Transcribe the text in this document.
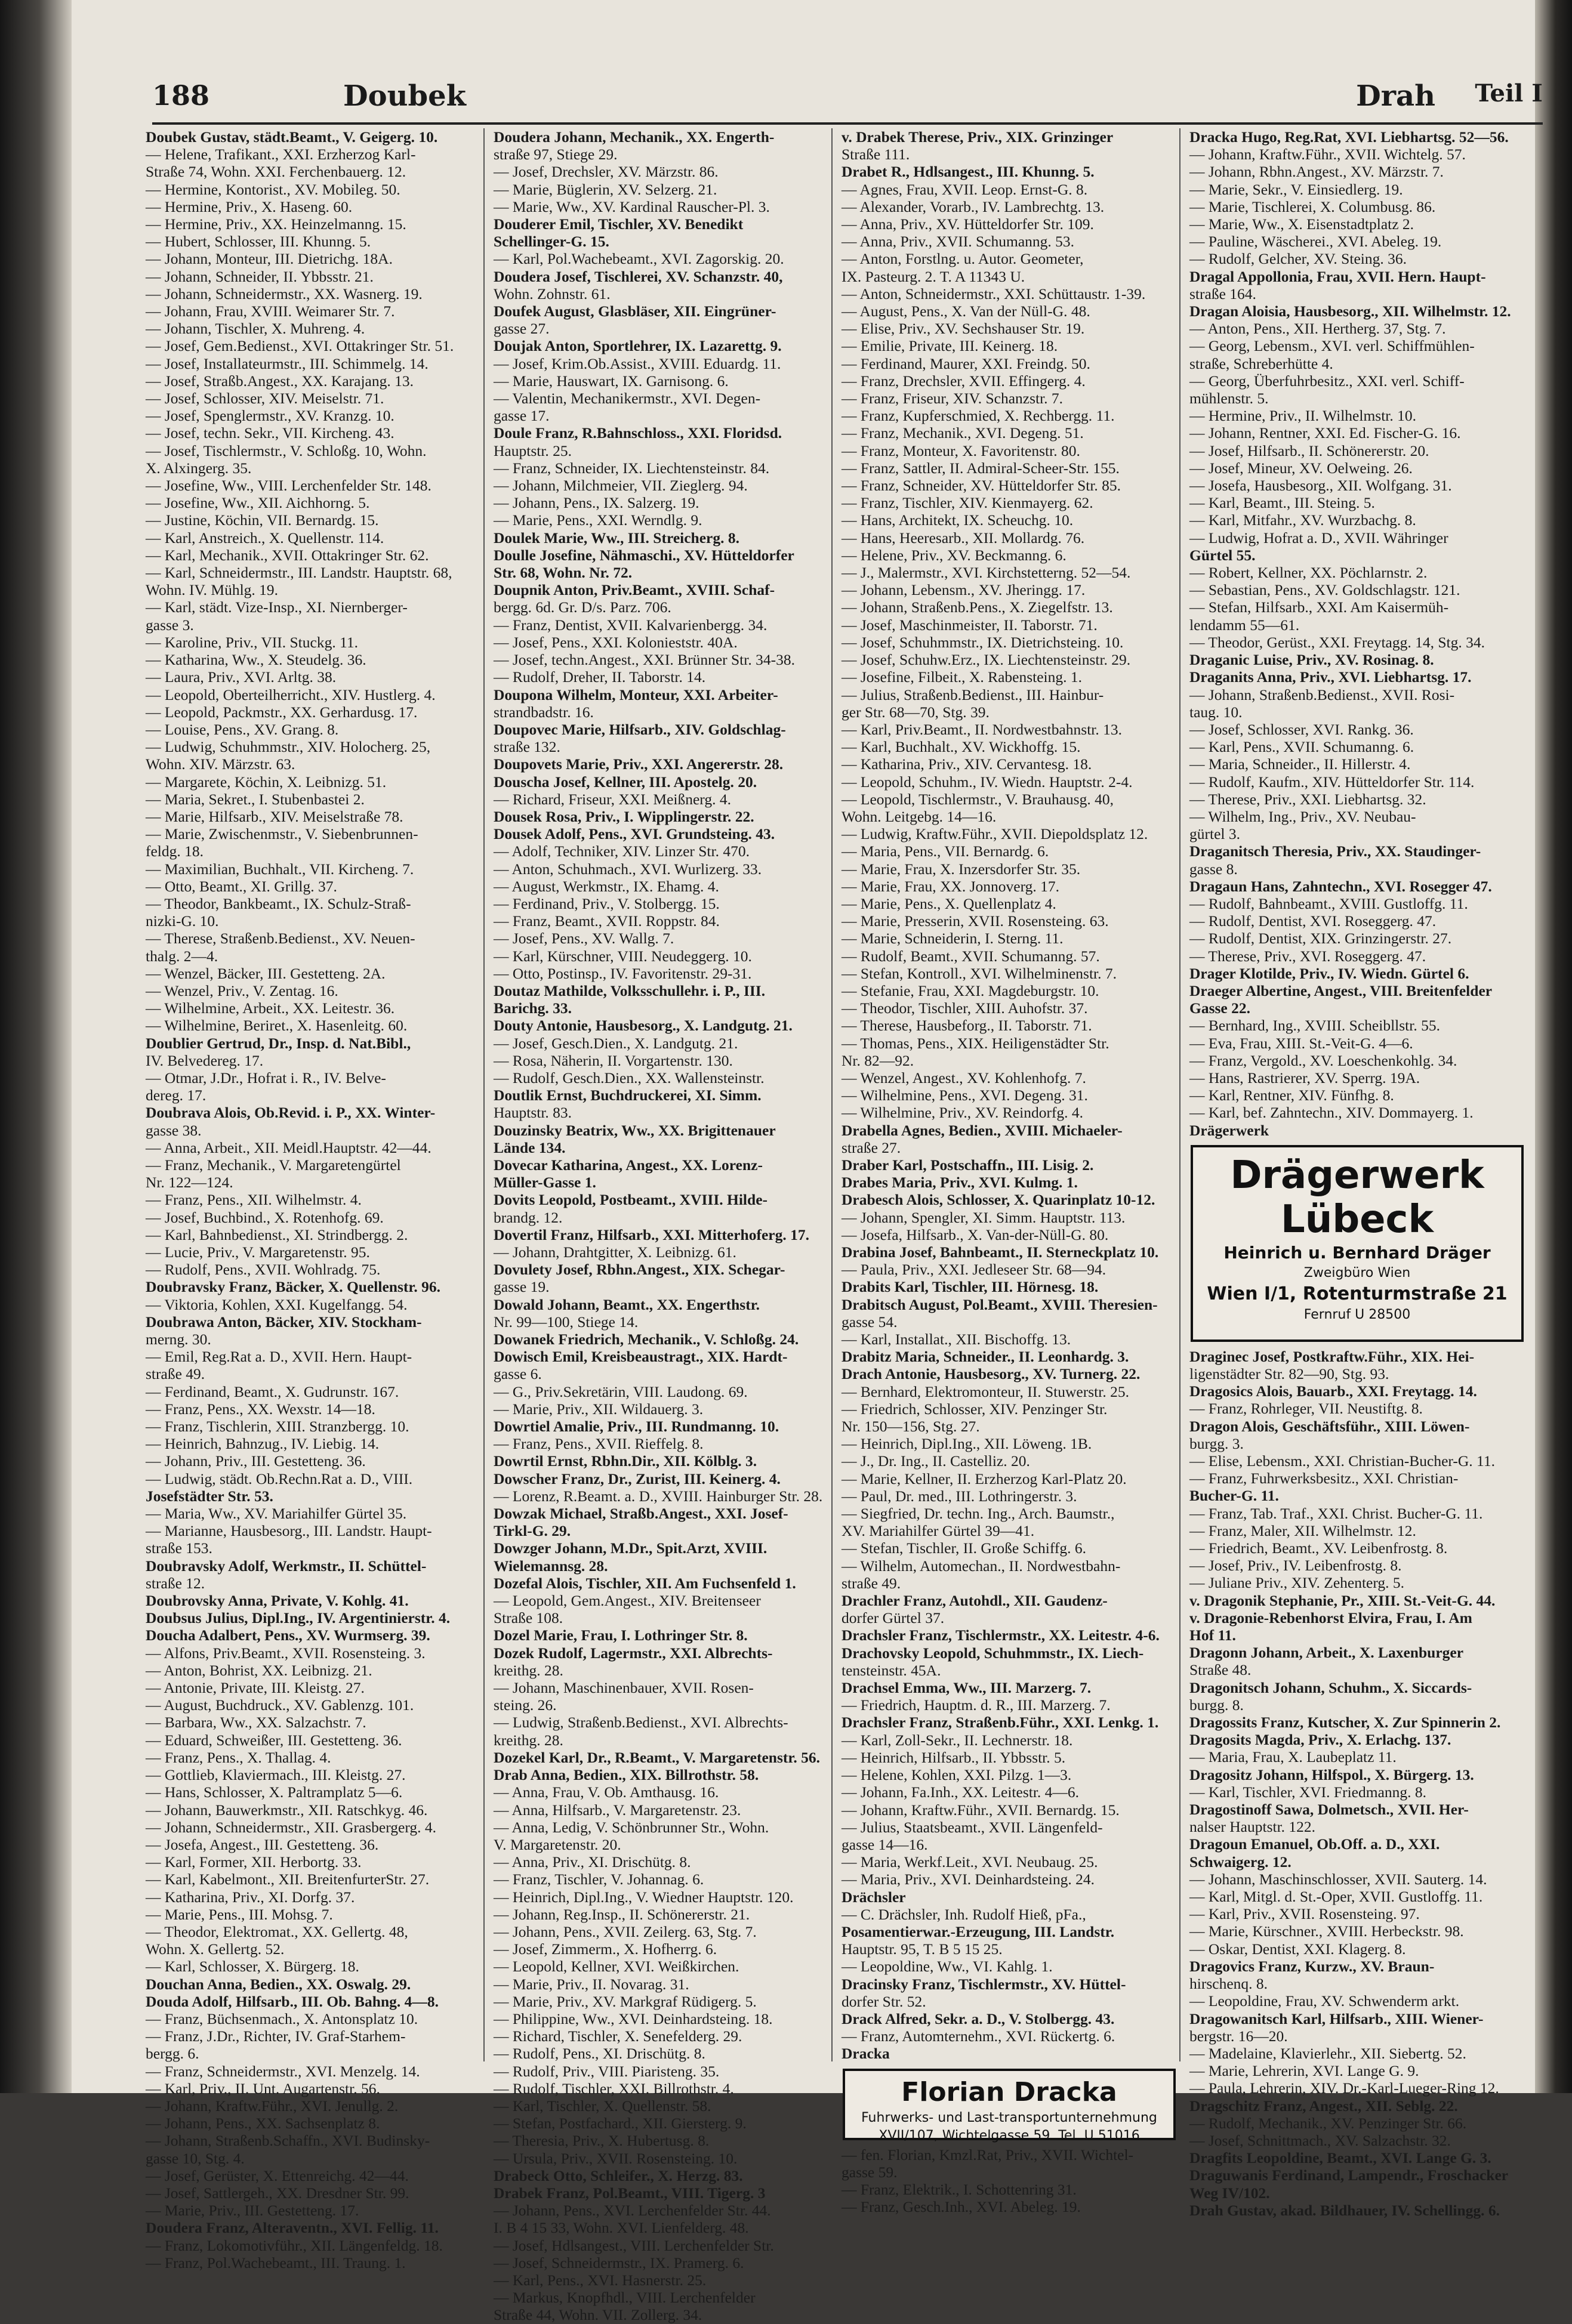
188	Doubek	Drah Teil I
Doubek Gustav, städt.Beamt., V. Geigerg. 10.
— Helene, Trafikant., XXI. Erzherzog Karl-
Straße 74, Wohn. XXI. Ferchenbauerg. 12.
— Hermine, Kontorist., XV. Mobileg. 50.
— Hermine, Priv., X. Haseng. 60.
— Hermine, Priv., XX. Heinzelmanng. 15.
— Hubert, Schlosser, III. Khunng. 5.
— Johann, Monteur, III. Dietrichg. 18A.
— Johann, Schneider, II. Ybbsstr. 21.
— Johann, Schneidermstr., XX. Wasnerg. 19.
— Johann, Frau, XVIII. Weimarer Str. 7.
— Johann, Tischler, X. Muhreng. 4.
— Josef, Gem.Bedienst., XVI. Ottakringer Str. 51.
— Josef, Installateurmstr., III. Schimmelg. 14.
— Josef, Straßb.Angest., XX. Karajang. 13.
— Josef, Schlosser, XIV. Meiselstr. 71.
— Josef, Spenglermstr., XV. Kranzg. 10.
— Josef, techn. Sekr., VII. Kircheng. 43.
— Josef, Tischlermstr., V. Schloßg. 10, Wohn.
X. Alxingerg. 35.
— Josefine, Ww., VIII. Lerchenfelder Str. 148.
— Josefine, Ww., XII. Aichhorng. 5.
— Justine, Köchin, VII. Bernardg. 15.
— Karl, Anstreich., X. Quellenstr. 114.
— Karl, Mechanik., XVII. Ottakringer Str. 62.
— Karl, Schneidermstr., III. Landstr. Hauptstr. 68,
Wohn. IV. Mühlg. 19.
— Karl, städt. Vize-Insp., XI. Niernberger-
gasse 3.
— Karoline, Priv., VII. Stuckg. 11.
— Katharina, Ww., X. Steudelg. 36.
— Laura, Priv., XVI. Arltg. 38.
— Leopold, Oberteilherricht., XIV. Hustlerg. 4.
— Leopold, Packmstr., XX. Gerhardusg. 17.
— Louise, Pens., XV. Grang. 8.
— Ludwig, Schuhmmstr., XIV. Holocherg. 25,
Wohn. XIV. Märzstr. 63.
— Margarete, Köchin, X. Leibnizg. 51.
— Maria, Sekret., I. Stubenbastei 2.
— Marie, Hilfsarb., XIV. Meiselstraße 78.
— Marie, Zwischenmstr., V. Siebenbrunnen-
feldg. 18.
— Maximilian, Buchhalt., VII. Kircheng. 7.
— Otto, Beamt., XI. Grillg. 37.
— Theodor, Bankbeamt., IX. Schulz-Straß-
nizki-G. 10.
— Therese, Straßenb.Bedienst., XV. Neuen-
thalg. 2—4.
— Wenzel, Bäcker, III. Gestetteng. 2A.
— Wenzel, Priv., V. Zentag. 16.
— Wilhelmine, Arbeit., XX. Leitestr. 36.
— Wilhelmine, Beriret., X. Hasenleitg. 60.
Doublier Gertrud, Dr., Insp. d. Nat.Bibl.,
IV. Belvedereg. 17.
— Otmar, J.Dr., Hofrat i. R., IV. Belve-
dereg. 17.
Doubrava Alois, Ob.Revid. i. P., XX. Winter-
gasse 38.
— Anna, Arbeit., XII. Meidl.Hauptstr. 42—44.
— Franz, Mechanik., V. Margaretengürtel
Nr. 122—124.
— Franz, Pens., XII. Wilhelmstr. 4.
— Josef, Buchbind., X. Rotenhofg. 69.
— Karl, Bahnbedienst., XI. Strindbergg. 2.
— Lucie, Priv., V. Margaretenstr. 95.
— Rudolf, Pens., XVII. Wohlradg. 75.
Doubravsky Franz, Bäcker, X. Quellenstr. 96.
— Viktoria, Kohlen, XXI. Kugelfangg. 54.
Doubrawa Anton, Bäcker, XIV. Stockham-
merng. 30.
— Emil, Reg.Rat a. D., XVII. Hern. Haupt-
straße 49.
— Ferdinand, Beamt., X. Gudrunstr. 167.
— Franz, Pens., XX. Wexstr. 14—18.
— Franz, Tischlerin, XIII. Stranzbergg. 10.
— Heinrich, Bahnzug., IV. Liebig. 14.
— Johann, Priv., III. Gestetteng. 36.
— Ludwig, städt. Ob.Rechn.Rat a. D., VIII.
Josefstädter Str. 53.
— Maria, Ww., XV. Mariahilfer Gürtel 35.
— Marianne, Hausbesorg., III. Landstr. Haupt-
straße 153.
Doubravsky Adolf, Werkmstr., II. Schüttel-
straße 12.
Doubrovsky Anna, Private, V. Kohlg. 41.
Doubsus Julius, Dipl.Ing., IV. Argentinierstr. 4.
Doucha Adalbert, Pens., XV. Wurmserg. 39.
— Alfons, Priv.Beamt., XVII. Rosensteing. 3.
— Anton, Bohrist, XX. Leibnizg. 21.
— Antonie, Private, III. Kleistg. 27.
— August, Buchdruck., XV. Gablenzg. 101.
— Barbara, Ww., XX. Salzachstr. 7.
— Eduard, Schweißer, III. Gestetteng. 36.
— Franz, Pens., X. Thallag. 4.
— Gottlieb, Klaviermach., III. Kleistg. 27.
— Hans, Schlosser, X. Paltramplatz 5—6.
— Johann, Bauwerkmstr., XII. Ratschkyg. 46.
— Johann, Schneidermstr., XII. Grasbergerg. 4.
— Josefa, Angest., III. Gestetteng. 36.
— Karl, Former, XII. Herbortg. 33.
— Karl, Kabelmont., XII. BreitenfurterStr. 27.
— Katharina, Priv., XI. Dorfg. 37.
— Marie, Pens., III. Mohsg. 7.
— Theodor, Elektromat., XX. Gellertg. 48,
Wohn. X. Gellertg. 52.
— Karl, Schlosser, X. Bürgerg. 18.
Douchan Anna, Bedien., XX. Oswalg. 29.
Douda Adolf, Hilfsarb., III. Ob. Bahng. 4—8.
— Franz, Büchsenmach., X. Antonsplatz 10.
— Franz, J.Dr., Richter, IV. Graf-Starhem-
bergg. 6.
— Franz, Schneidermstr., XVI. Menzelg. 14.
— Karl, Priv., II. Unt. Augartenstr. 56.
— Johann, Kraftw.Führ., XVI. Jenullg. 2.
— Johann, Pens., XX. Sachsenplatz 8.
— Johann, Straßenb.Schaffn., XVI. Budinsky-
gasse 10, Stg. 4.
— Josef, Gerüster, X. Ettenreichg. 42—44.
— Josef, Sattlergeh., XX. Dresdner Str. 99.
— Marie, Priv., III. Gestetteng. 17.
Doudera Franz, Alteraventn., XVI. Fellig. 11.
— Franz, Lokomotivführ., XII. Längenfeldg. 18.
— Franz, Pol.Wachebeamt., III. Traung. 1.
Doudera Johann, Mechanik., XX. Engerth-
straße 97, Stiege 29.
— Josef, Drechsler, XV. Märzstr. 86.
— Marie, Büglerin, XV. Selzerg. 21.
— Marie, Ww., XV. Kardinal Rauscher-Pl. 3.
Douderer Emil, Tischler, XV. Benedikt
Schellinger-G. 15.
— Karl, Pol.Wachebeamt., XVI. Zagorskig. 20.
Doudera Josef, Tischlerei, XV. Schanzstr. 40,
Wohn. Zohnstr. 61.
Doufek August, Glasbläser, XII. Eingrüner-
gasse 27.
Doujak Anton, Sportlehrer, IX. Lazarettg. 9.
— Josef, Krim.Ob.Assist., XVIII. Eduardg. 11.
— Marie, Hauswart, IX. Garnisong. 6.
— Valentin, Mechanikermstr., XVI. Degen-
gasse 17.
Doule Franz, R.Bahnschloss., XXI. Floridsd.
Hauptstr. 25.
— Franz, Schneider, IX. Liechtensteinstr. 84.
— Johann, Milchmeier, VII. Zieglerg. 94.
— Johann, Pens., IX. Salzerg. 19.
— Marie, Pens., XXI. Werndlg. 9.
Doulek Marie, Ww., III. Streicherg. 8.
Doulle Josefine, Nähmaschi., XV. Hütteldorfer
Str. 68, Wohn. Nr. 72.
Doupnik Anton, Priv.Beamt., XVIII. Schaf-
bergg. 6d. Gr. D/s. Parz. 706.
— Franz, Dentist, XVII. Kalvarienbergg. 34.
— Josef, Pens., XXI. Kolonieststr. 40A.
— Josef, techn.Angest., XXI. Brünner Str. 34-38.
— Rudolf, Dreher, II. Taborstr. 14.
Doupona Wilhelm, Monteur, XXI. Arbeiter-
strandbadstr. 16.
Doupovec Marie, Hilfsarb., XIV. Goldschlag-
straße 132.
Doupovets Marie, Priv., XXI. Angererstr. 28.
Douscha Josef, Kellner, III. Apostelg. 20.
— Richard, Friseur, XXI. Meißnerg. 4.
Dousek Rosa, Priv., I. Wipplingerstr. 22.
Dousek Adolf, Pens., XVI. Grundsteing. 43.
— Adolf, Techniker, XIV. Linzer Str. 470.
— Anton, Schuhmach., XVI. Wurlizerg. 33.
— August, Werkmstr., IX. Ehamg. 4.
— Ferdinand, Priv., V. Stolbergg. 15.
— Franz, Beamt., XVII. Roppstr. 84.
— Josef, Pens., XV. Wallg. 7.
— Karl, Kürschner, VIII. Neudeggerg. 10.
— Otto, Postinsp., IV. Favoritenstr. 29-31.
Doutaz Mathilde, Volksschullehr. i. P., III.
Barichg. 33.
Douty Antonie, Hausbesorg., X. Landgutg. 21.
— Josef, Gesch.Dien., X. Landgutg. 21.
— Rosa, Näherin, II. Vorgartenstr. 130.
— Rudolf, Gesch.Dien., XX. Wallensteinstr.
Doutlik Ernst, Buchdruckerei, XI. Simm.
Hauptstr. 83.
Douzinsky Beatrix, Ww., XX. Brigittenauer
Lände 134.
Dovecar Katharina, Angest., XX. Lorenz-
Müller-Gasse 1.
Dovits Leopold, Postbeamt., XVIII. Hilde-
brandg. 12.
Dovertil Franz, Hilfsarb., XXI. Mitterhoferg. 17.
— Johann, Drahtgitter, X. Leibnizg. 61.
Dovulety Josef, Rbhn.Angest., XIX. Schegar-
gasse 19.
Dowald Johann, Beamt., XX. Engerthstr.
Nr. 99—100, Stiege 14.
Dowanek Friedrich, Mechanik., V. Schloßg. 24.
Dowisch Emil, Kreisbeaustragt., XIX. Hardt-
gasse 6.
— G., Priv.Sekretärin, VIII. Laudong. 69.
— Marie, Priv., XII. Wildauerg. 3.
Dowrtiel Amalie, Priv., III. Rundmanng. 10.
— Franz, Pens., XVII. Rieffelg. 8.
Dowrtil Ernst, Rbhn.Dir., XII. Kölblg. 3.
Dowscher Franz, Dr., Zurist, III. Keinerg. 4.
— Lorenz, R.Beamt. a. D., XVIII. Hainburger Str. 28.
Dowzak Michael, Straßb.Angest., XXI. Josef-
Tirkl-G. 29.
Dowzger Johann, M.Dr., Spit.Arzt, XVIII.
Wielemannsg. 28.
Dozefal Alois, Tischler, XII. Am Fuchsenfeld 1.
— Leopold, Gem.Angest., XIV. Breitenseer
Straße 108.
Dozel Marie, Frau, I. Lothringer Str. 8.
Dozek Rudolf, Lagermstr., XXI. Albrechts-
kreithg. 28.
— Johann, Maschinenbauer, XVII. Rosen-
steing. 26.
— Ludwig, Straßenb.Bedienst., XVI. Albrechts-
kreithg. 28.
Dozekel Karl, Dr., R.Beamt., V. Margaretenstr. 56.
Drab Anna, Bedien., XIX. Billrothstr. 58.
— Anna, Frau, V. Ob. Amthausg. 16.
— Anna, Hilfsarb., V. Margaretenstr. 23.
— Anna, Ledig, V. Schönbrunner Str., Wohn.
V. Margaretenstr. 20.
— Anna, Priv., XI. Drischütg. 8.
— Franz, Tischler, V. Johannag. 6.
— Heinrich, Dipl.Ing., V. Wiedner Hauptstr. 120.
— Johann, Reg.Insp., II. Schönererstr. 21.
— Johann, Pens., XVII. Zeilerg. 63, Stg. 7.
— Josef, Zimmerm., X. Hofherrg. 6.
— Leopold, Kellner, XVI. Weißkirchen.
— Marie, Priv., II. Novarag. 31.
— Marie, Priv., XV. Markgraf Rüdigerg. 5.
— Philippine, Ww., XVI. Deinhardsteing. 18.
— Richard, Tischler, X. Senefelderg. 29.
— Rudolf, Pens., XI. Drischütg. 8.
— Rudolf, Priv., VIII. Piaristeng. 35.
— Rudolf, Tischler, XXI. Billrothstr. 4.
— Karl, Tischler, X. Quellenstr. 58.
— Stefan, Postfachard., XII. Giersterg. 9.
— Theresia, Priv., X. Hubertusg. 8.
— Ursula, Priv., XVII. Rosensteing. 10.
Drabeck Otto, Schleifer., X. Herzg. 83.
Drabek Franz, Pol.Beamt., VIII. Tigerg. 3
— Johann, Pens., XVI. Lerchenfelder Str. 44.
I. B 4 15 33, Wohn. XVI. Lienfelderg. 48.
— Josef, Hdlsangest., VIII. Lerchenfelder Str.
— Josef, Schneidermstr., IX. Pramerg. 6.
— Karl, Pens., XVI. Hasnerstr. 25.
— Markus, Knopfhdl., VIII. Lerchenfelder
Straße 44, Wohn. VII. Zollerg. 34.
v. Drabek Therese, Priv., XIX. Grinzinger
Straße 111.
Drabet R., Hdlsangest., III. Khunng. 5.
— Agnes, Frau, XVII. Leop. Ernst-G. 8.
— Alexander, Vorarb., IV. Lambrechtg. 13.
— Anna, Priv., XV. Hütteldorfer Str. 109.
— Anna, Priv., XVII. Schumanng. 53.
— Anton, Forstlng. u. Autor. Geometer,
IX. Pasteurg. 2. T. A 11343 U.
— Anton, Schneidermstr., XXI. Schüttaustr. 1-39.
— August, Pens., X. Van der Nüll-G. 48.
— Elise, Priv., XV. Sechshauser Str. 19.
— Emilie, Private, III. Keinerg. 18.
— Ferdinand, Maurer, XXI. Freindg. 50.
— Franz, Drechsler, XVII. Effingerg. 4.
— Franz, Friseur, XIV. Schanzstr. 7.
— Franz, Kupferschmied, X. Rechbergg. 11.
— Franz, Mechanik., XVI. Degeng. 51.
— Franz, Monteur, X. Favoritenstr. 80.
— Franz, Sattler, II. Admiral-Scheer-Str. 155.
— Franz, Schneider, XV. Hütteldorfer Str. 85.
— Franz, Tischler, XIV. Kienmayerg. 62.
— Hans, Architekt, IX. Scheuchg. 10.
— Hans, Heeresarb., XII. Mollardg. 76.
— Helene, Priv., XV. Beckmanng. 6.
— J., Malermstr., XVI. Kirchstetterng. 52—54.
— Johann, Lebensm., XV. Jheringg. 17.
— Johann, Straßenb.Pens., X. Ziegelfstr. 13.
— Josef, Maschinmeister, II. Taborstr. 71.
— Josef, Schuhmmstr., IX. Dietrichsteing. 10.
— Josef, Schuhw.Erz., IX. Liechtensteinstr. 29.
— Josefine, Filbeit., X. Rabensteing. 1.
— Julius, Straßenb.Bedienst., III. Hainbur-
ger Str. 68—70, Stg. 39.
— Karl, Priv.Beamt., II. Nordwestbahnstr. 13.
— Karl, Buchhalt., XV. Wickhoffg. 15.
— Katharina, Priv., XIV. Cervantesg. 18.
— Leopold, Schuhm., IV. Wiedn. Hauptstr. 2-4.
— Leopold, Tischlermstr., V. Brauhausg. 40,
Wohn. Leitgebg. 14—16.
— Ludwig, Kraftw.Führ., XVII. Diepoldsplatz 12.
— Maria, Pens., VII. Bernardg. 6.
— Marie, Frau, X. Inzersdorfer Str. 35.
— Marie, Frau, XX. Jonnoverg. 17.
— Marie, Pens., X. Quellenplatz 4.
— Marie, Presserin, XVII. Rosensteing. 63.
— Marie, Schneiderin, I. Sterng. 11.
— Rudolf, Beamt., XVII. Schumanng. 57.
— Stefan, Kontroll., XVI. Wilhelminenstr. 7.
— Stefanie, Frau, XXI. Magdeburgstr. 10.
— Theodor, Tischler, XIII. Auhofstr. 37.
— Therese, Hausbeforg., II. Taborstr. 71.
— Thomas, Pens., XIX. Heiligenstädter Str.
Nr. 82—92.
— Wenzel, Angest., XV. Kohlenhofg. 7.
— Wilhelmine, Pens., XVI. Degeng. 31.
— Wilhelmine, Priv., XV. Reindorfg. 4.
Drabella Agnes, Bedien., XVIII. Michaeler-
straße 27.
Draber Karl, Postschaffn., III. Lisig. 2.
Drabes Maria, Priv., XVI. Kulmg. 1.
Drabesch Alois, Schlosser, X. Quarinplatz 10-12.
— Johann, Spengler, XI. Simm. Hauptstr. 113.
— Josefa, Hilfsarb., X. Van-der-Nüll-G. 80.
Drabina Josef, Bahnbeamt., II. Sterneckplatz 10.
— Paula, Priv., XXI. Jedleseer Str. 68—94.
Drabits Karl, Tischler, III. Hörnesg. 18.
Drabitsch August, Pol.Beamt., XVIII. Theresien-
gasse 54.
— Karl, Installat., XII. Bischoffg. 13.
Drabitz Maria, Schneider., II. Leonhardg. 3.
Drach Antonie, Hausbesorg., XV. Turnerg. 22.
— Bernhard, Elektromonteur, II. Stuwerstr. 25.
— Friedrich, Schlosser, XIV. Penzinger Str.
Nr. 150—156, Stg. 27.
— Heinrich, Dipl.Ing., XII. Löweng. 1B.
— J., Dr. Ing., II. Castelliz. 20.
— Marie, Kellner, II. Erzherzog Karl-Platz 20.
— Paul, Dr. med., III. Lothringerstr. 3.
— Siegfried, Dr. techn. Ing., Arch. Baumstr.,
XV. Mariahilfer Gürtel 39—41.
— Stefan, Tischler, II. Große Schiffg. 6.
— Wilhelm, Automechan., II. Nordwestbahn-
straße 49.
Drachler Franz, Autohdl., XII. Gaudenz-
dorfer Gürtel 37.
Drachsler Franz, Tischlermstr., XX. Leitestr. 4-6.
Drachovsky Leopold, Schuhmmstr., IX. Liech-
tensteinstr. 45A.
Drachsel Emma, Ww., III. Marzerg. 7.
— Friedrich, Hauptm. d. R., III. Marzerg. 7.
Drachsler Franz, Straßenb.Führ., XXI. Lenkg. 1.
— Karl, Zoll-Sekr., II. Lechnerstr. 18.
— Heinrich, Hilfsarb., II. Ybbsstr. 5.
— Helene, Kohlen, XXI. Pilzg. 1—3.
— Johann, Fa.Inh., XX. Leitestr. 4—6.
— Johann, Kraftw.Führ., XVII. Bernardg. 15.
— Julius, Staatsbeamt., XVII. Längenfeld-
gasse 14—16.
— Maria, Werkf.Leit., XVI. Neubaug. 25.
— Maria, Priv., XVI. Deinhardsteing. 24.
Drächsler
— C. Drächsler, Inh. Rudolf Hieß, pFa.,
Posamentierwar.-Erzeugung, III. Landstr.
Hauptstr. 95, T. B 5 15 25.
— Leopoldine, Ww., VI. Kahlg. 1.
Dracinsky Franz, Tischlermstr., XV. Hüttel-
dorfer Str. 52.
Drack Alfred, Sekr. a. D., V. Stolbergg. 43.
— Franz, Automternehm., XVI. Rückertg. 6.
Dracka
Florian Dracka
Fuhrwerks- und Last-transportunternehmung
XVII/107, Wichtelgasse 59. Tel. U 51016
— fen. Florian, Kmzl.Rat, Priv., XVII. Wichtel-
gasse 59.
— Franz, Elektrik., I. Schottenring 31.
— Franz, Gesch.Inh., XVI. Abeleg. 19.
Dracka Hugo, Reg.Rat, XVI. Liebhartsg. 52—56.
— Johann, Kraftw.Führ., XVII. Wichtelg. 57.
— Johann, Rbhn.Angest., XV. Märzstr. 7.
— Marie, Sekr., V. Einsiedlerg. 19.
— Marie, Tischlerei, X. Columbusg. 86.
— Marie, Ww., X. Eisenstadtplatz 2.
— Pauline, Wäscherei., XVI. Abeleg. 19.
— Rudolf, Gelcher, XV. Steing. 36.
Dragal Appollonia, Frau, XVII. Hern. Haupt-
straße 164.
Dragan Aloisia, Hausbesorg., XII. Wilhelmstr. 12.
— Anton, Pens., XII. Hertherg. 37, Stg. 7.
— Georg, Lebensm., XVI. verl. Schiffmühlen-
straße, Schreberhütte 4.
— Georg, Überfuhrbesitz., XXI. verl. Schiff-
mühlenstr. 5.
— Hermine, Priv., II. Wilhelmstr. 10.
— Johann, Rentner, XXI. Ed. Fischer-G. 16.
— Josef, Hilfsarb., II. Schönererstr. 20.
— Josef, Mineur, XV. Oelweing. 26.
— Josefa, Hausbesorg., XII. Wolfgang. 31.
— Karl, Beamt., III. Steing. 5.
— Karl, Mitfahr., XV. Wurzbachg. 8.
— Ludwig, Hofrat a. D., XVII. Währinger
Gürtel 55.
— Robert, Kellner, XX. Pöchlarnstr. 2.
— Sebastian, Pens., XV. Goldschlagstr. 121.
— Stefan, Hilfsarb., XXI. Am Kaisermüh-
lendamm 55—61.
— Theodor, Gerüst., XXI. Freytagg. 14, Stg. 34.
Draganic Luise, Priv., XV. Rosinag. 8.
Draganits Anna, Priv., XVI. Liebhartsg. 17.
— Johann, Straßenb.Bedienst., XVII. Rosi-
taug. 10.
— Josef, Schlosser, XVI. Rankg. 36.
— Karl, Pens., XVII. Schumanng. 6.
— Maria, Schneider., II. Hillerstr. 4.
— Rudolf, Kaufm., XIV. Hütteldorfer Str. 114.
— Therese, Priv., XXI. Liebhartsg. 32.
— Wilhelm, Ing., Priv., XV. Neubau-
gürtel 3.
Draganitsch Theresia, Priv., XX. Staudinger-
gasse 8.
Dragaun Hans, Zahntechn., XVI. Rosegger 47.
— Rudolf, Bahnbeamt., XVIII. Gustloffg. 11.
— Rudolf, Dentist, XVI. Roseggerg. 47.
— Rudolf, Dentist, XIX. Grinzingerstr. 27.
— Therese, Priv., XVI. Roseggerg. 47.
Drager Klotilde, Priv., IV. Wiedn. Gürtel 6.
Draeger Albertine, Angest., VIII. Breitenfelder
Gasse 22.
— Bernhard, Ing., XVIII. Scheibllstr. 55.
— Eva, Frau, XIII. St.-Veit-G. 4—6.
— Franz, Vergold., XV. Loeschenkohlg. 34.
— Hans, Rastrierer, XV. Sperrg. 19A.
— Karl, Rentner, XIV. Fünfhg. 8.
— Karl, bef. Zahntechn., XIV. Dommayerg. 1.
Drägerwerk
Drägerwerk
Lübeck
Heinrich u. Bernhard Dräger
Zweigbüro Wien
Wien I/1, Rotenturmstraße 21
Fernruf U 28500
Draginec Josef, Postkraftw.Führ., XIX. Hei-
ligenstädter Str. 82—90, Stg. 93.
Dragosics Alois, Bauarb., XXI. Freytagg. 14.
— Franz, Rohrleger, VII. Neustiftg. 8.
Dragon Alois, Geschäftsführ., XIII. Löwen-
burgg. 3.
— Elise, Lebensm., XXI. Christian-Bucher-G. 11.
— Franz, Fuhrwerksbesitz., XXI. Christian-
Bucher-G. 11.
— Franz, Tab. Traf., XXI. Christ. Bucher-G. 11.
— Franz, Maler, XII. Wilhelmstr. 12.
— Friedrich, Beamt., XV. Leibenfrostg. 8.
— Josef, Priv., IV. Leibenfrostg. 8.
— Juliane Priv., XIV. Zehenterg. 5.
v. Dragonik Stephanie, Pr., XIII. St.-Veit-G. 44.
v. Dragonie-Rebenhorst Elvira, Frau, I. Am
Hof 11.
Dragonn Johann, Arbeit., X. Laxenburger
Straße 48.
Dragonitsch Johann, Schuhm., X. Siccards-
burgg. 8.
Dragossits Franz, Kutscher, X. Zur Spinnerin 2.
Dragosits Magda, Priv., X. Erlachg. 137.
— Maria, Frau, X. Laubeplatz 11.
Dragositz Johann, Hilfspol., X. Bürgerg. 13.
— Karl, Tischler, XVI. Friedmanng. 8.
Dragostinoff Sawa, Dolmetsch., XVII. Her-
nalser Hauptstr. 122.
Dragoun Emanuel, Ob.Off. a. D., XXI.
Schwaigerg. 12.
— Johann, Maschinschlosser, XVII. Sauterg. 14.
— Karl, Mitgl. d. St.-Oper, XVII. Gustloffg. 11.
— Karl, Priv., XVII. Rosensteing. 97.
— Marie, Kürschner., XVIII. Herbeckstr. 98.
— Oskar, Dentist, XXI. Klagerg. 8.
Dragovics Franz, Kurzw., XV. Braun-
hirschenq. 8.
— Leopoldine, Frau, XV. Schwenderm arkt.
Dragowanitsch Karl, Hilfsarb., XIII. Wiener-
bergstr. 16—20.
— Madelaine, Klavierlehr., XII. Siebertg. 52.
— Marie, Lehrerin, XVI. Lange G. 9.
— Paula, Lehrerin, XIV. Dr.-Karl-Lueger-Ring 12.
Dragschitz Franz, Angest., XII. Seblg. 22.
— Rudolf, Mechanik., XV. Penzinger Str. 66.
— Josef, Schnittmach., XV. Salzachstr. 32.
Dragfits Leopoldine, Beamt., XVI. Lange G. 3.
Draguwanis Ferdinand, Lampendr., Froschacker
Weg IV/102.
Drah Gustav, akad. Bildhauer, IV. Schellingg. 6.
